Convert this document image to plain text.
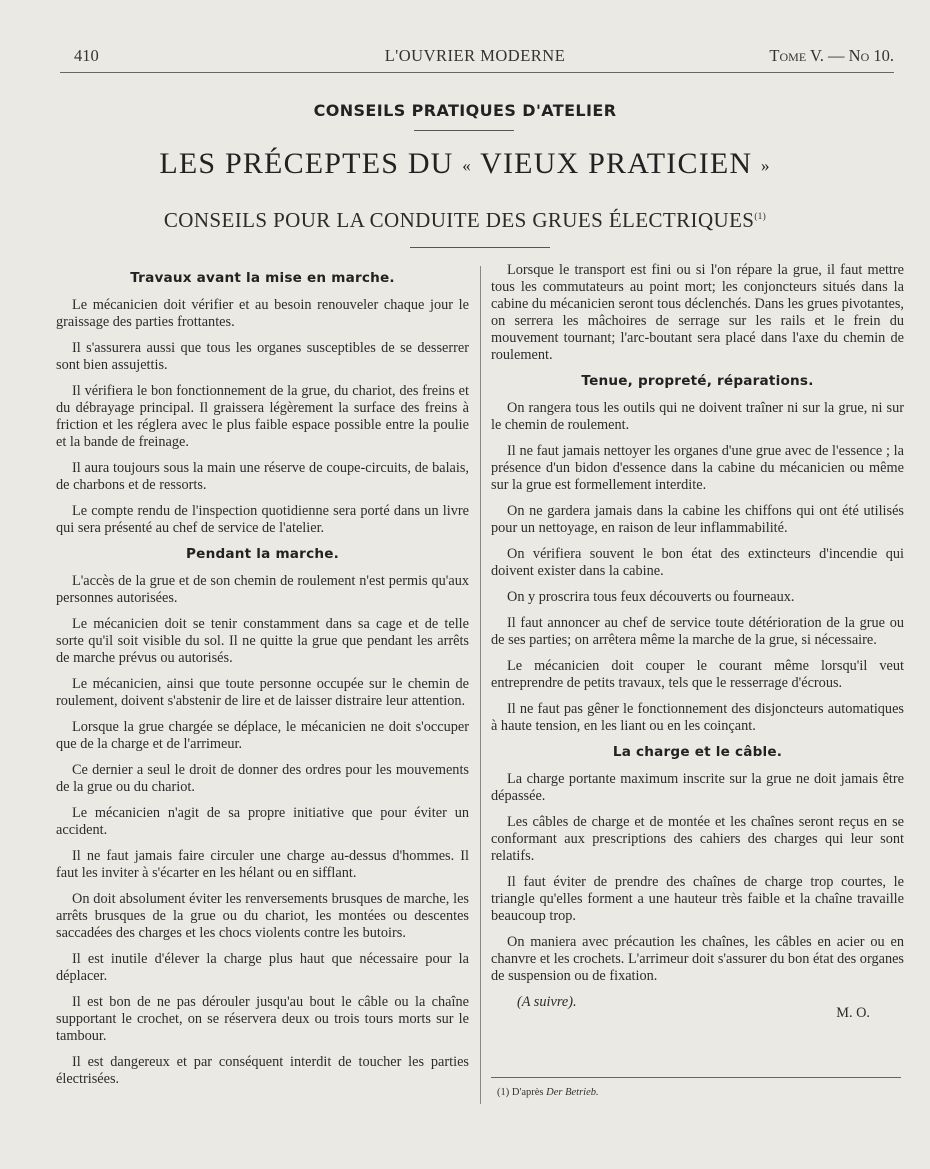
410	L'OUVRIER MODERNE	Tome V. — No 10.
CONSEILS PRATIQUES D'ATELIER
LES PRÉCEPTES DU « VIEUX PRATICIEN »
CONSEILS POUR LA CONDUITE DES GRUES ÉLECTRIQUES$^{(1)}$
Travaux avant la mise en marche.

Le mécanicien doit vérifier et au besoin renouveler chaque jour le graissage des parties frottantes.

Il s'assurera aussi que tous les organes susceptibles de se desserrer sont bien assujettis.

Il vérifiera le bon fonctionnement de la grue, du chariot, des freins et du débrayage principal. Il graissera légèrement la surface des freins à friction et les réglera avec le plus faible espace possible entre la poulie et la bande de freinage.

Il aura toujours sous la main une réserve de coupe-circuits, de balais, de charbons et de ressorts.

Le compte rendu de l'inspection quotidienne sera porté dans un livre qui sera présenté au chef de service de l'atelier.

Pendant la marche.

L'accès de la grue et de son chemin de roulement n'est permis qu'aux personnes autorisées.

Le mécanicien doit se tenir constamment dans sa cage et de telle sorte qu'il soit visible du sol. Il ne quitte la grue que pendant les arrêts de marche prévus ou autorisés.

Le mécanicien, ainsi que toute personne occupée sur le chemin de roulement, doivent s'abstenir de lire et de laisser distraire leur attention.

Lorsque la grue chargée se déplace, le mécanicien ne doit s'occuper que de la charge et de l'arrimeur.

Ce dernier a seul le droit de donner des ordres pour les mouvements de la grue ou du chariot.

Le mécanicien n'agit de sa propre initiative que pour éviter un accident.

Il ne faut jamais faire circuler une charge au-dessus d'hommes. Il faut les inviter à s'écarter en les hélant ou en sifflant.

On doit absolument éviter les renversements brusques de marche, les arrêts brusques de la grue ou du chariot, les montées ou descentes saccadées des charges et les chocs violents contre les butoirs.

Il est inutile d'élever la charge plus haut que nécessaire pour la déplacer.

Il est bon de ne pas dérouler jusqu'au bout le câble ou la chaîne supportant le crochet, on se réservera deux ou trois tours morts sur le tambour.

Il est dangereux et par conséquent interdit de toucher les parties électrisées.

Lorsque le transport est fini ou si l'on répare la grue, il faut mettre tous les commutateurs au point mort; les conjoncteurs situés dans la cabine du mécanicien seront tous déclenchés. Dans les grues pivotantes, on serrera les mâchoires de serrage sur les rails et le frein du mouvement tournant; l'arc-boutant sera placé dans l'axe du chemin de roulement.

Tenue, propreté, réparations.

On rangera tous les outils qui ne doivent traîner ni sur la grue, ni sur le chemin de roulement.

Il ne faut jamais nettoyer les organes d'une grue avec de l'essence ; la présence d'un bidon d'essence dans la cabine du mécanicien ou même sur la grue est formellement interdite.

On ne gardera jamais dans la cabine les chiffons qui ont été utilisés pour un nettoyage, en raison de leur inflammabilité.

On vérifiera souvent le bon état des extincteurs d'incendie qui doivent exister dans la cabine.

On y proscrira tous feux découverts ou fourneaux.

Il faut annoncer au chef de service toute détérioration de la grue ou de ses parties; on arrêtera même la marche de la grue, si nécessaire.

Le mécanicien doit couper le courant même lorsqu'il veut entreprendre de petits travaux, tels que le resserrage d'écrous.

Il ne faut pas gêner le fonctionnement des disjoncteurs automatiques à haute tension, en les liant ou en les coinçant.

La charge et le câble.

La charge portante maximum inscrite sur la grue ne doit jamais être dépassée.

Les câbles de charge et de montée et les chaînes seront reçus en se conformant aux prescriptions des cahiers des charges qui leur sont relatifs.

Il faut éviter de prendre des chaînes de charge trop courtes, le triangle qu'elles forment a une hauteur très faible et la chaîne travaille beaucoup trop.

On maniera avec précaution les chaînes, les câbles en acier ou en chanvre et les crochets. L'arrimeur doit s'assurer du bon état des organes de suspension ou de fixation.

(A suivre).

M. O.

(1) D'après Der Betrieb.
